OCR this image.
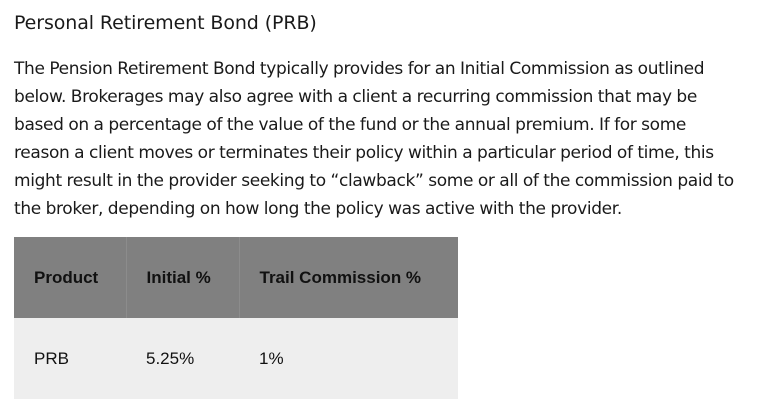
Personal Retirement Bond (PRB)

The Pension Retirement Bond typically provides for an Initial Commission as outlined
below. Brokerages may also agree with a client a recurring commission that may be
based on a percentage of the value of the fund or the annual premium. If for some
reason a client moves or terminates their policy within a particular period of time, this
might result in the provider seeking to “clawback” some or all of the commission paid to
the broker, depending on how long the policy was active with the provider.

Product	Initial %	Trail Commission %

PRB	5.25%	1%
